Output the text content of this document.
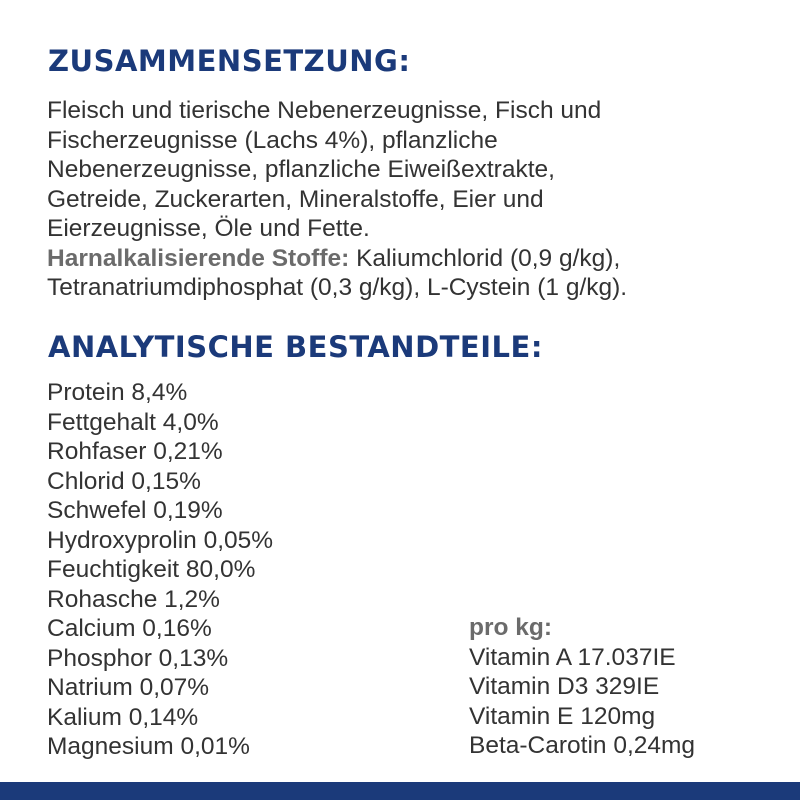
ZUSAMMENSETZUNG:
Fleisch und tierische Nebenerzeugnisse, Fisch und
Fischerzeugnisse (Lachs 4%), pflanzliche
Nebenerzeugnisse, pflanzliche Eiweißextrakte,
Getreide, Zuckerarten, Mineralstoffe, Eier und
Eierzeugnisse, Öle und Fette.
Harnalkalisierende Stoffe: Kaliumchlorid (0,9 g/kg),
Tetranatriumdiphosphat (0,3 g/kg), L-Cystein (1 g/kg).
ANALYTISCHE BESTANDTEILE:
Protein 8,4%
Fettgehalt 4,0%
Rohfaser 0,21%
Chlorid 0,15%
Schwefel 0,19%
Hydroxyprolin 0,05%
Feuchtigkeit 80,0%
Rohasche 1,2%
Calcium 0,16%
Phosphor 0,13%
Natrium 0,07%
Kalium 0,14%
Magnesium 0,01%
pro kg:
Vitamin A 17.037IE
Vitamin D3 329IE
Vitamin E 120mg
Beta-Carotin 0,24mg
